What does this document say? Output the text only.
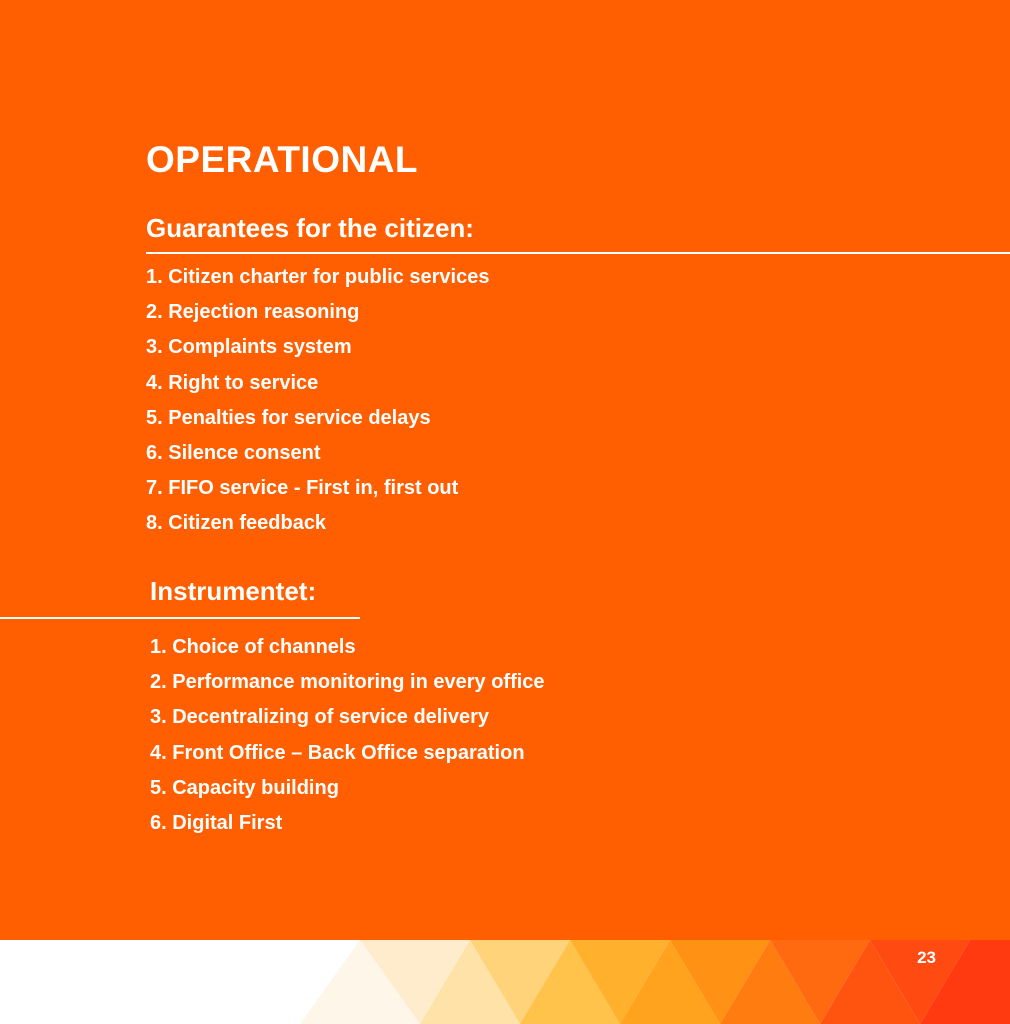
OPERATIONAL
Guarantees for the citizen:
1. Citizen charter for public services
2. Rejection reasoning
3. Complaints system
4. Right to service
5. Penalties for service delays
6. Silence consent
7. FIFO service - First in, first out
8. Citizen feedback
Instrumentet:
1. Choice of channels
2. Performance monitoring in every office
3. Decentralizing of service delivery
4. Front Office – Back Office separation
5. Capacity building
6. Digital First
23
